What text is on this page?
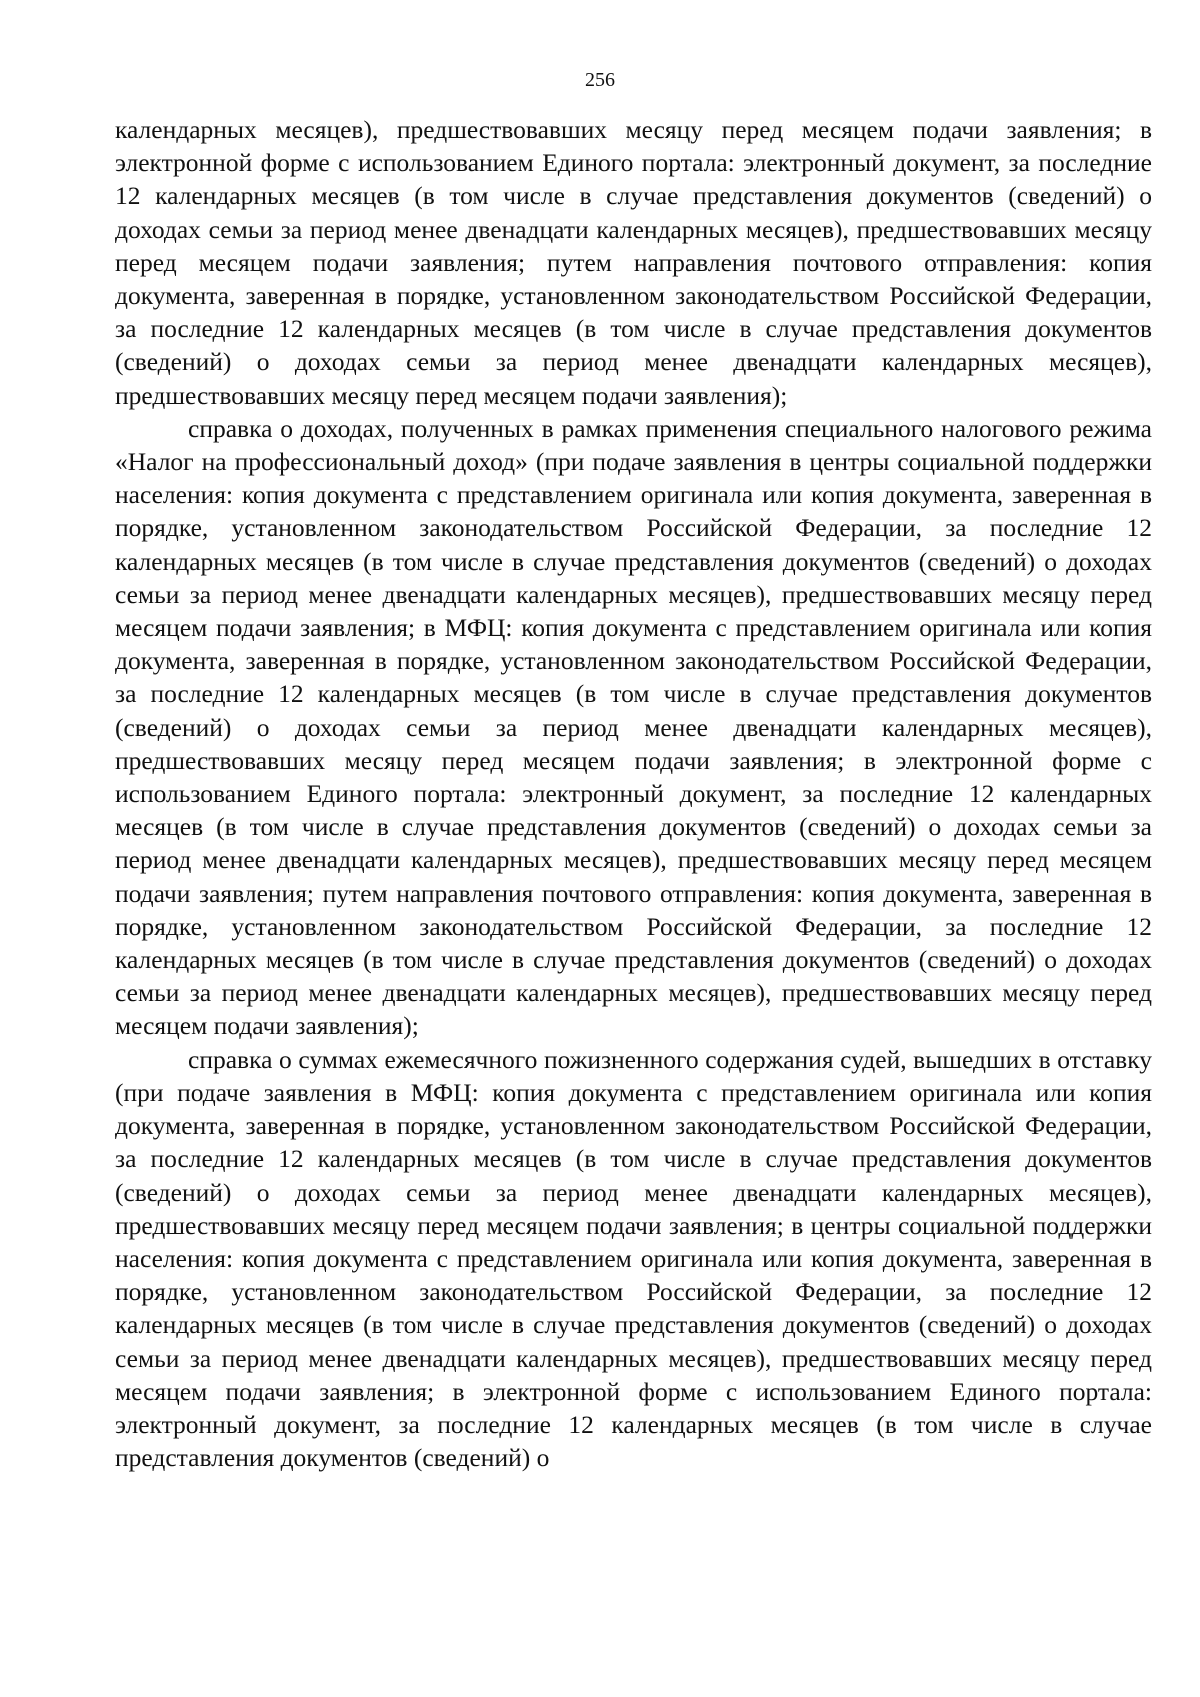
256

календарных месяцев), предшествовавших месяцу перед месяцем подачи заявления; в электронной форме с использованием Единого портала: электронный документ, за последние 12 календарных месяцев (в том числе в случае представления документов (сведений) о доходах семьи за период менее двенадцати календарных месяцев), предшествовавших месяцу перед месяцем подачи заявления; путем направления почтового отправления: копия документа, заверенная в порядке, установленном законодательством Российской Федерации, за последние 12 календарных месяцев (в том числе в случае представления документов (сведений) о доходах семьи за период менее двенадцати календарных месяцев), предшествовавших месяцу перед месяцем подачи заявления);

справка о доходах, полученных в рамках применения специального налогового режима «Налог на профессиональный доход» (при подаче заявления в центры социальной поддержки населения: копия документа с представлением оригинала или копия документа, заверенная в порядке, установленном законодательством Российской Федерации, за последние 12 календарных месяцев (в том числе в случае представления документов (сведений) о доходах семьи за период менее двенадцати календарных месяцев), предшествовавших месяцу перед месяцем подачи заявления; в МФЦ: копия документа с представлением оригинала или копия документа, заверенная в порядке, установленном законодательством Российской Федерации, за последние 12 календарных месяцев (в том числе в случае представления документов (сведений) о доходах семьи за период менее двенадцати календарных месяцев), предшествовавших месяцу перед месяцем подачи заявления; в электронной форме с использованием Единого портала: электронный документ, за последние 12 календарных месяцев (в том числе в случае представления документов (сведений) о доходах семьи за период менее двенадцати календарных месяцев), предшествовавших месяцу перед месяцем подачи заявления; путем направления почтового отправления: копия документа, заверенная в порядке, установленном законодательством Российской Федерации, за последние 12 календарных месяцев (в том числе в случае представления документов (сведений) о доходах семьи за период менее двенадцати календарных месяцев), предшествовавших месяцу перед месяцем подачи заявления);

справка о суммах ежемесячного пожизненного содержания судей, вышедших в отставку (при подаче заявления в МФЦ: копия документа с представлением оригинала или копия документа, заверенная в порядке, установленном законодательством Российской Федерации, за последние 12 календарных месяцев (в том числе в случае представления документов (сведений) о доходах семьи за период менее двенадцати календарных месяцев), предшествовавших месяцу перед месяцем подачи заявления; в центры социальной поддержки населения: копия документа с представлением оригинала или копия документа, заверенная в порядке, установленном законодательством Российской Федерации, за последние 12 календарных месяцев (в том числе в случае представления документов (сведений) о доходах семьи за период менее двенадцати календарных месяцев), предшествовавших месяцу перед месяцем подачи заявления; в электронной форме с использованием Единого портала: электронный документ, за последние 12 календарных месяцев (в том числе в случае представления документов (сведений) о
